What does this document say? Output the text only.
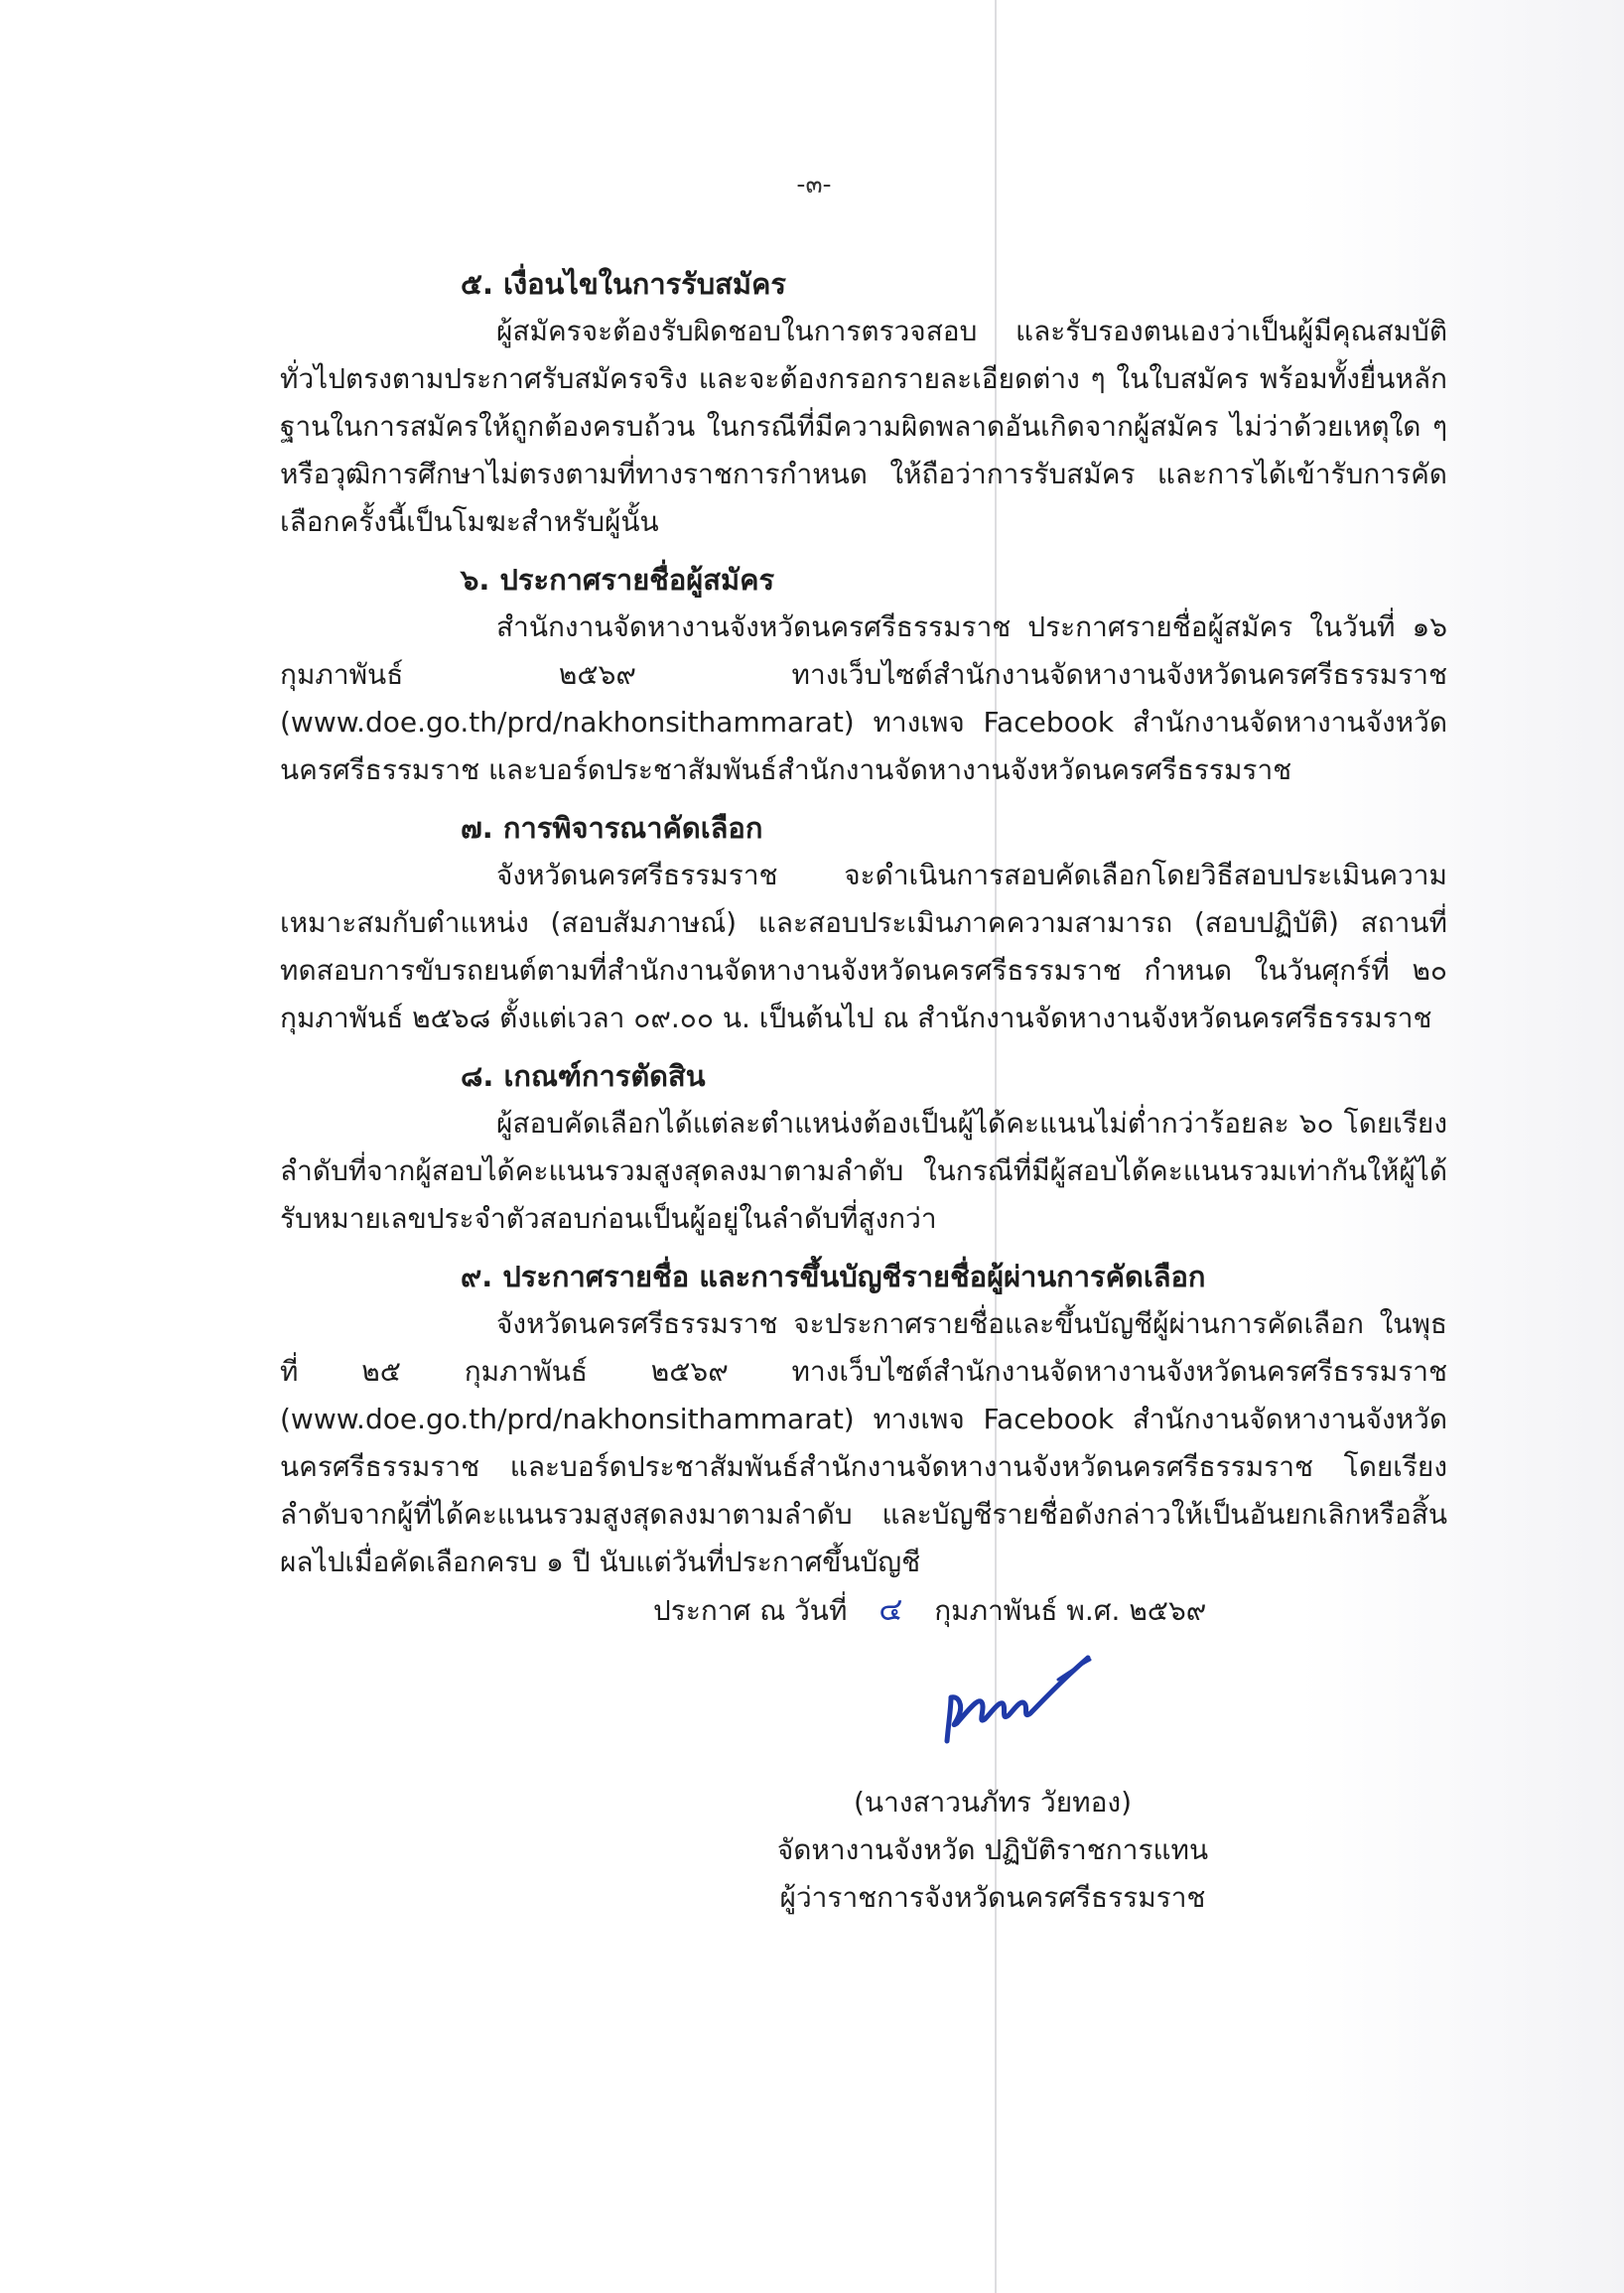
-๓-
๕. เงื่อนไขในการรับสมัคร
ผู้สมัครจะต้องรับผิดชอบในการตรวจสอบ และรับรองตนเองว่าเป็นผู้มีคุณสมบัติทั่วไปตรงตามประกาศรับสมัครจริง และจะต้องกรอกรายละเอียดต่าง ๆ ในใบสมัคร พร้อมทั้งยื่นหลักฐานในการสมัครให้ถูกต้องครบถ้วน ในกรณีที่มีความผิดพลาดอันเกิดจากผู้สมัคร ไม่ว่าด้วยเหตุใด ๆ หรือวุฒิการศึกษาไม่ตรงตามที่ทางราชการกำหนด ให้ถือว่าการรับสมัคร และการได้เข้ารับการคัดเลือกครั้งนี้เป็นโมฆะสำหรับผู้นั้น
๖. ประกาศรายชื่อผู้สมัคร
สำนักงานจัดหางานจังหวัดนครศรีธรรมราช ประกาศรายชื่อผู้สมัคร ในวันที่ ๑๖ กุมภาพันธ์ ๒๕๖๙ ทางเว็บไซต์สำนักงานจัดหางานจังหวัดนครศรีธรรมราช (www.doe.go.th/prd/nakhonsithammarat) ทางเพจ Facebook สำนักงานจัดหางานจังหวัดนครศรีธรรมราช และบอร์ดประชาสัมพันธ์สำนักงานจัดหางานจังหวัดนครศรีธรรมราช
๗. การพิจารณาคัดเลือก
จังหวัดนครศรีธรรมราช จะดำเนินการสอบคัดเลือกโดยวิธีสอบประเมินความเหมาะสมกับตำแหน่ง (สอบสัมภาษณ์) และสอบประเมินภาคความสามารถ (สอบปฏิบัติ) สถานที่ทดสอบการขับรถยนต์ตามที่สำนักงานจัดหางานจังหวัดนครศรีธรรมราช กำหนด ในวันศุกร์ที่ ๒๐ กุมภาพันธ์ ๒๕๖๘ ตั้งแต่เวลา ๐๙.๐๐ น. เป็นต้นไป ณ สำนักงานจัดหางานจังหวัดนครศรีธรรมราช
๘. เกณฑ์การตัดสิน
ผู้สอบคัดเลือกได้แต่ละตำแหน่งต้องเป็นผู้ได้คะแนนไม่ต่ำกว่าร้อยละ ๖๐ โดยเรียงลำดับที่จากผู้สอบได้คะแนนรวมสูงสุดลงมาตามลำดับ ในกรณีที่มีผู้สอบได้คะแนนรวมเท่ากันให้ผู้ได้รับหมายเลขประจำตัวสอบก่อนเป็นผู้อยู่ในลำดับที่สูงกว่า
๙. ประกาศรายชื่อ และการขึ้นบัญชีรายชื่อผู้ผ่านการคัดเลือก
จังหวัดนครศรีธรรมราช จะประกาศรายชื่อและขึ้นบัญชีผู้ผ่านการคัดเลือก ในพุธที่ ๒๕ กุมภาพันธ์ ๒๕๖๙ ทางเว็บไซต์สำนักงานจัดหางานจังหวัดนครศรีธรรมราช (www.doe.go.th/prd/nakhonsithammarat) ทางเพจ Facebook สำนักงานจัดหางานจังหวัดนครศรีธรรมราช และบอร์ดประชาสัมพันธ์สำนักงานจัดหางานจังหวัดนครศรีธรรมราช โดยเรียงลำดับจากผู้ที่ได้คะแนนรวมสูงสุดลงมาตามลำดับ และบัญชีรายชื่อดังกล่าวให้เป็นอันยกเลิกหรือสิ้นผลไปเมื่อคัดเลือกครบ ๑ ปี นับแต่วันที่ประกาศขึ้นบัญชี
ประกาศ ณ วันที่ ๔ กุมภาพันธ์ พ.ศ. ๒๕๖๙
(นางสาวนภัทร วัยทอง)
จัดหางานจังหวัด ปฏิบัติราชการแทน
ผู้ว่าราชการจังหวัดนครศรีธรรมราช
